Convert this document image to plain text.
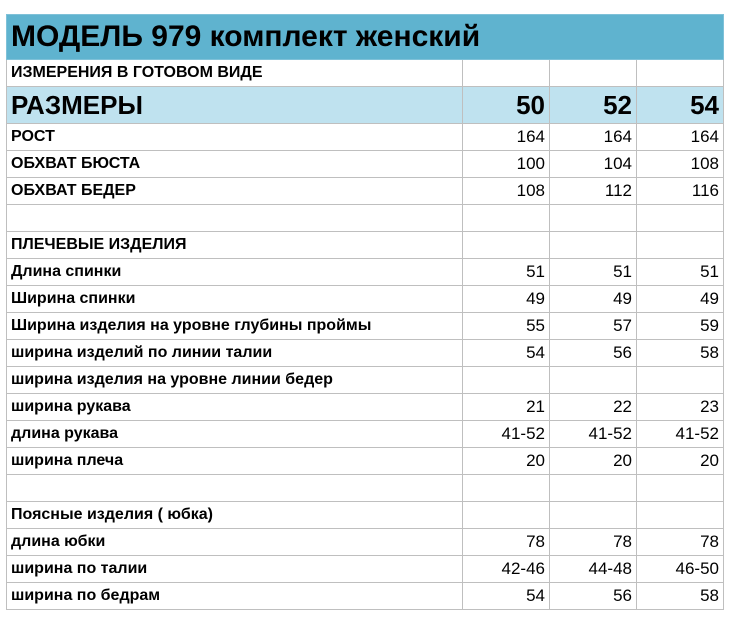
МОДЕЛЬ 979 комплект женский			
ИЗМЕРЕНИЯ В ГОТОВОМ ВИДЕ			
РАЗМЕРЫ	50	52	54
РОСТ	164	164	164
ОБХВАТ БЮСТА	100	104	108
ОБХВАТ БЕДЕР	108	112	116

ПЛЕЧЕВЫЕ ИЗДЕЛИЯ			
Длина спинки	51	51	51
Ширина спинки	49	49	49
Ширина изделия на уровне глубины проймы	55	57	59
ширина изделий по линии талии	54	56	58
ширина изделия на уровне линии бедер			
ширина рукава	21	22	23
длина рукава	41-52	41-52	41-52
ширина плеча	20	20	20

Поясные изделия ( юбка)			
длина юбки	78	78	78
ширина по талии	42-46	44-48	46-50
ширина по бедрам	54	56	58
